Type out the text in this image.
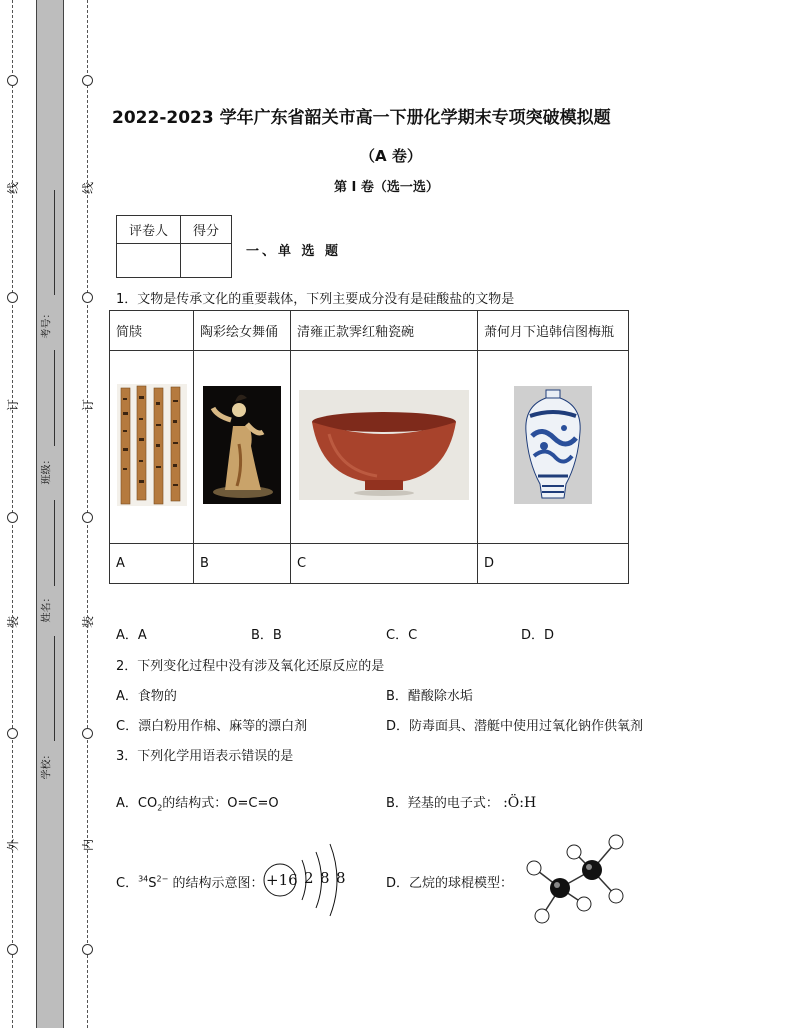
线
订
装
外
线
订
装
内
考号：
班级：
姓名：
学校：
2022-2023 学年广东省韶关市高一下册化学期末专项突破模拟题
（A 卷）
第 I 卷（选一选）
评卷人	得分

一、单 选 题
1．文物是传承文化的重要载体，下列主要成分没有是硅酸盐的文物是
简牍	陶彩绘女舞俑	清雍正款霁红釉瓷碗	萧何月下追韩信图梅瓶

A	B	C	D
A．A	B．B	C．C	D．D
2．下列变化过程中没有涉及氧化还原反应的是
A．食物的	B．醋酸除水垢
C．漂白粉用作棉、麻等的漂白剂	D．防毒面具、潜艇中使用过氧化钠作供氧剂
3．下列化学用语表示错误的是
A．$CO_2$的结构式：O=C=O	B．羟基的电子式： :Ö:H
C．$^{34}S^{2-}$ 的结构示意图： +16 2 8 8	D．乙烷的球棍模型：
